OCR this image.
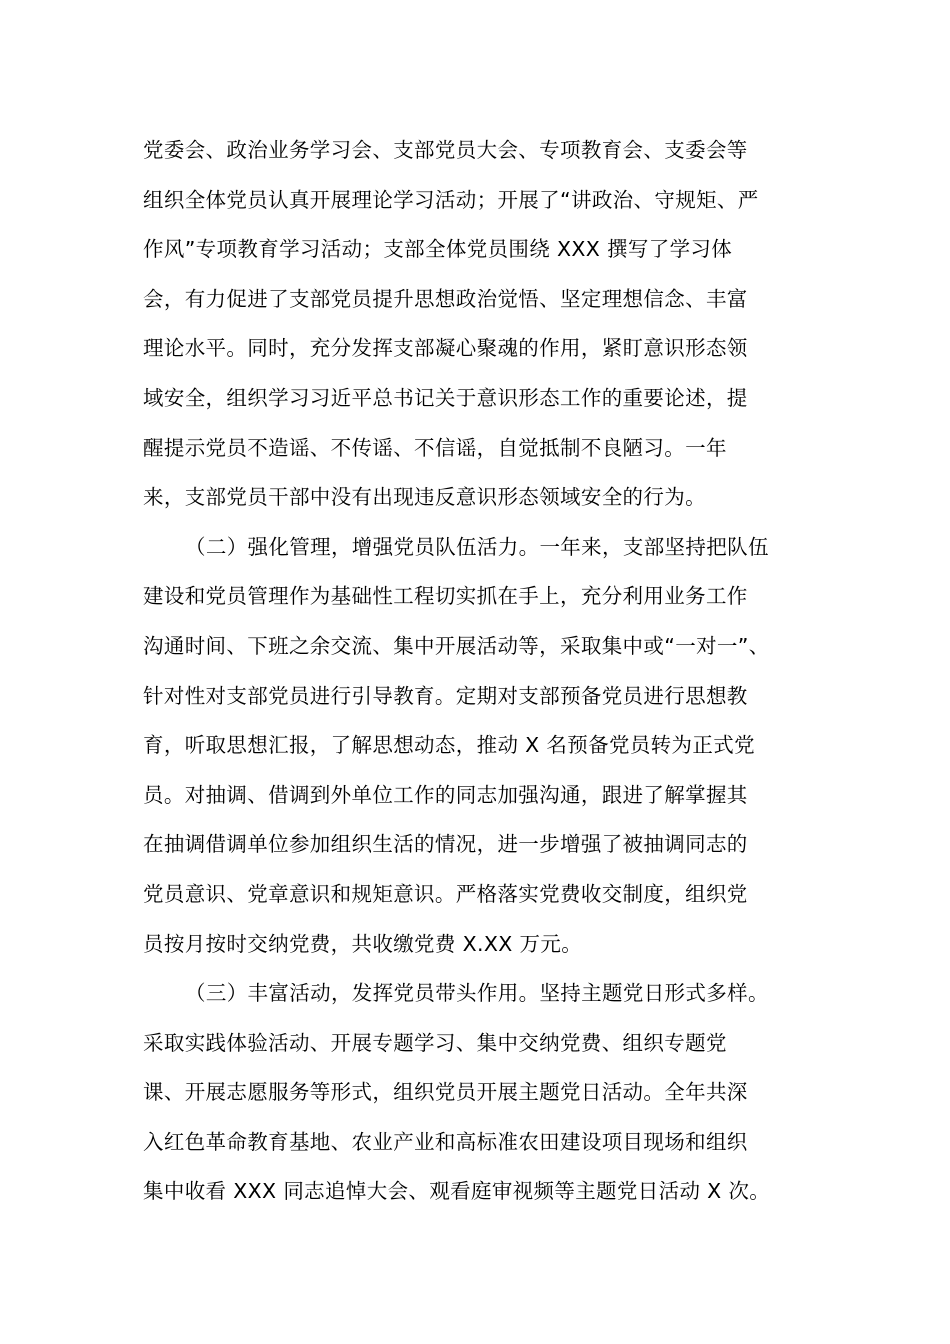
党委会、政治业务学习会、支部党员大会、专项教育会、支委会等
组织全体党员认真开展理论学习活动；开展了“讲政治、守规矩、严
作风”专项教育学习活动；支部全体党员围绕 XXX 撰写了学习体
会，有力促进了支部党员提升思想政治觉悟、坚定理想信念、丰富
理论水平。同时，充分发挥支部凝心聚魂的作用，紧盯意识形态领
域安全，组织学习习近平总书记关于意识形态工作的重要论述，提
醒提示党员不造谣、不传谣、不信谣，自觉抵制不良陋习。一年
来，支部党员干部中没有出现违反意识形态领域安全的行为。
（二）强化管理，增强党员队伍活力。一年来，支部坚持把队伍
建设和党员管理作为基础性工程切实抓在手上，充分利用业务工作
沟通时间、下班之余交流、集中开展活动等，采取集中或“一对一”、
针对性对支部党员进行引导教育。定期对支部预备党员进行思想教
育，听取思想汇报，了解思想动态，推动 X 名预备党员转为正式党
员。对抽调、借调到外单位工作的同志加强沟通，跟进了解掌握其
在抽调借调单位参加组织生活的情况，进一步增强了被抽调同志的
党员意识、党章意识和规矩意识。严格落实党费收交制度，组织党
员按月按时交纳党费，共收缴党费 X.XX 万元。
（三）丰富活动，发挥党员带头作用。坚持主题党日形式多样。
采取实践体验活动、开展专题学习、集中交纳党费、组织专题党
课、开展志愿服务等形式，组织党员开展主题党日活动。全年共深
入红色革命教育基地、农业产业和高标准农田建设项目现场和组织
集中收看 XXX 同志追悼大会、观看庭审视频等主题党日活动 X 次。
